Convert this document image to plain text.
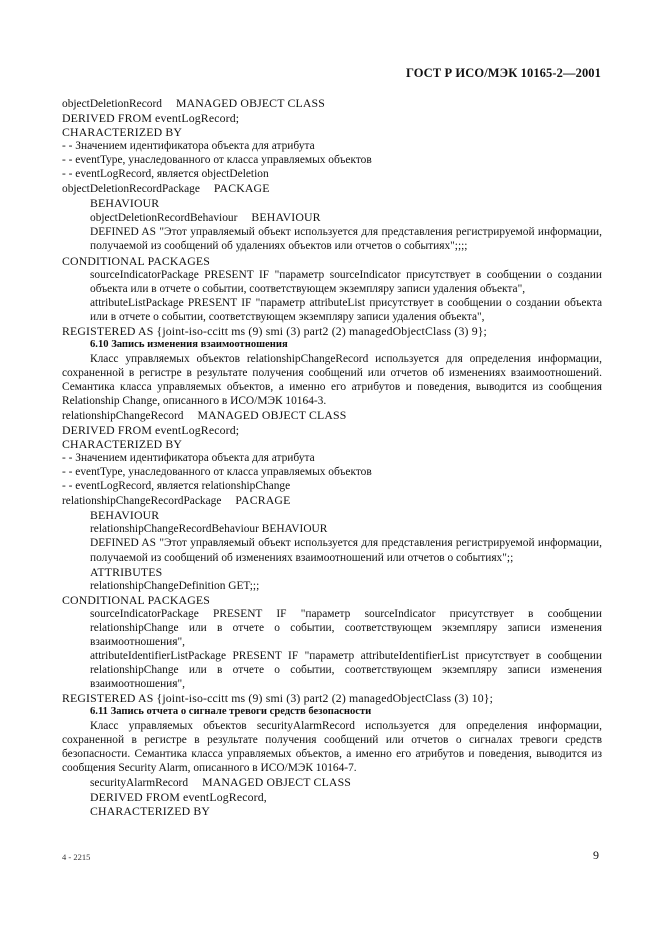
ГОСТ Р ИСО/МЭК 10165-2—2001
objectDeletionRecord MANAGED OBJECT CLASS
DERIVED FROM eventLogRecord;
CHARACTERIZED BY
- - Значением идентификатора объекта для атрибута
- - eventType, унаследованного от класса управляемых объектов
- - eventLogRecord, является objectDeletion
objectDeletionRecordPackage PACKAGE
BEHAVIOUR
objectDeletionRecordBehaviour BEHAVIOUR
DEFINED AS "Этот управляемый объект используется для представления регистрируемой информации, получаемой из сообщений об удалениях объектов или отчетов о событиях";;;;
CONDITIONAL PACKAGES
sourceIndicatorPackage PRESENT IF "параметр sourceIndicator присутствует в сообщении о создании объекта или в отчете о событии, соответствующем экземпляру записи удаления объекта",
attributeListPackage PRESENT IF "параметр attributeList присутствует в сообщении о создании объекта или в отчете о событии, соответствующем экземпляру записи удаления объекта",
REGISTERED AS {joint-iso-ccitt ms (9) smi (3) part2 (2) managedObjectClass (3) 9};
6.10 Запись изменения взаимоотношения
Класс управляемых объектов relationshipChangeRecord используется для определения информации, сохраненной в регистре в результате получения сообщений или отчетов об изменениях взаимоотношений. Семантика класса управляемых объектов, а именно его атрибутов и поведения, выводится из сообщения Relationship Change, описанного в ИСО/МЭК 10164-3.
relationshipChangeRecord MANAGED OBJECT CLASS
DERIVED FROM eventLogRecord;
CHARACTERIZED BY
- - Значением идентификатора объекта для атрибута
- - eventType, унаследованного от класса управляемых объектов
- - eventLogRecord, является relationshipChange
relationshipChangeRecordPackage PACRAGE
BEHAVIOUR
relationshipChangeRecordBehaviour BEHAVIOUR
DEFINED AS "Этот управляемый объект используется для представления регистрируемой информации, получаемой из сообщений об изменениях взаимоотношений или отчетов о событиях";;
ATTRIBUTES
relationshipChangeDefinition GET;;;
CONDITIONAL PACKAGES
sourceIndicatorPackage PRESENT IF "параметр sourceIndicator присутствует в сообщении relationshipChange или в отчете о событии, соответствующем экземпляру записи изменения взаимоотношения",
attributeIdentifierListPackage PRESENT IF "параметр attributeIdentifierList присутствует в сообщении relationshipChange или в отчете о событии, соответствующем экземпляру записи изменения взаимоотношения",
REGISTERED AS {joint-iso-ccitt ms (9) smi (3) part2 (2) managedObjectClass (3) 10};
6.11 Запись отчета о сигнале тревоги средств безопасности
Класс управляемых объектов securityAlarmRecord используется для определения информации, сохраненной в регистре в результате получения сообщений или отчетов о сигналах тревоги средств безопасности. Семантика класса управляемых объектов, а именно его атрибутов и поведения, выводится из сообщения Security Alarm, описанного в ИСО/МЭК 10164-7.
securityAlarmRecord MANAGED OBJECT CLASS
DERIVED FROM eventLogRecord,
CHARACTERIZED BY
4 - 2215	9
